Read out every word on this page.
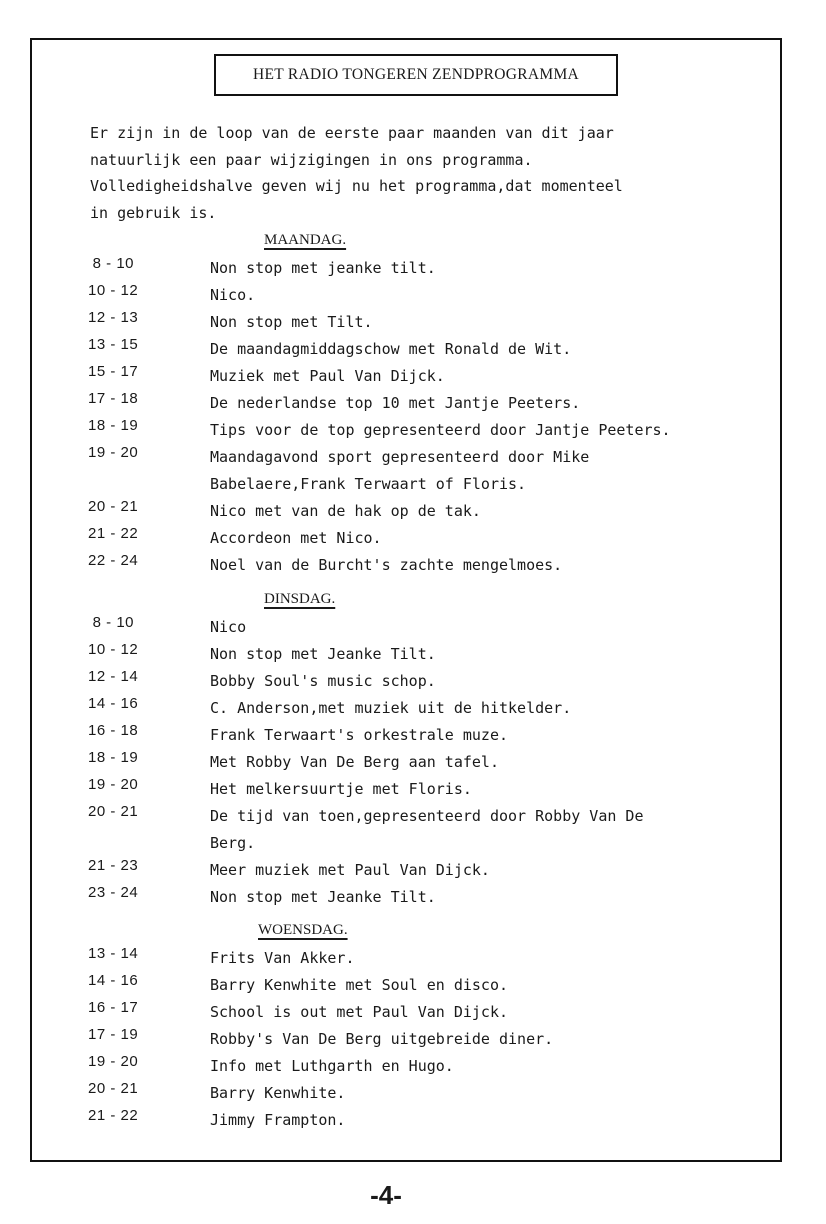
HET RADIO TONGEREN ZENDPROGRAMMA
Er zijn in de loop van de eerste paar maanden van dit jaar
natuurlijk een paar wijzigingen in ons programma.
Volledigheidshalve geven wij nu het programma,dat momenteel
in gebruik is.
MAANDAG.
8 - 10	Non stop met jeanke tilt.
10 - 12	Nico.
12 - 13	Non stop met Tilt.
13 - 15	De maandagmiddagschow met Ronald de Wit.
15 - 17	Muziek met Paul Van Dijck.
17 - 18	De nederlandse top 10 met Jantje Peeters.
18 - 19	Tips voor de top gepresenteerd door Jantje Peeters.
19 - 20	Maandagavond sport gepresenteerd door Mike
Babelaere,Frank Terwaart of Floris.
20 - 21	Nico met van de hak op de tak.
21 - 22	Accordeon met Nico.
22 - 24	Noel van de Burcht's zachte mengelmoes.
DINSDAG.
8 - 10	Nico
10 - 12	Non stop met Jeanke Tilt.
12 - 14	Bobby Soul's music schop.
14 - 16	C. Anderson,met muziek uit de hitkelder.
16 - 18	Frank Terwaart's orkestrale muze.
18 - 19	Met Robby Van De Berg aan tafel.
19 - 20	Het melkersuurtje met Floris.
20 - 21	De tijd van toen,gepresenteerd door Robby Van De
Berg.
21 - 23	Meer muziek met Paul Van Dijck.
23 - 24	Non stop met Jeanke Tilt.
WOENSDAG.
13 - 14	Frits Van Akker.
14 - 16	Barry Kenwhite met Soul en disco.
16 - 17	School is out met Paul Van Dijck.
17 - 19	Robby's Van De Berg uitgebreide diner.
19 - 20	Info met Luthgarth en Hugo.
20 - 21	Barry Kenwhite.
21 - 22	Jimmy Frampton.
-4-
